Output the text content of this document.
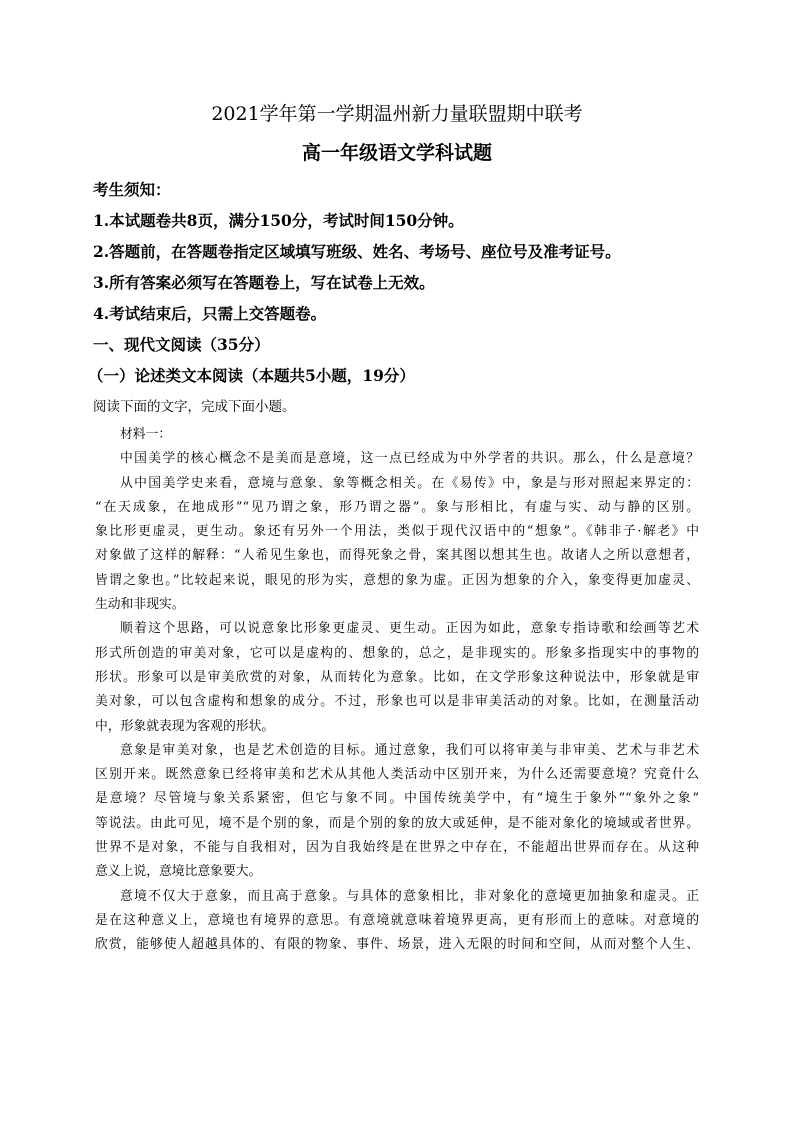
2021学年第一学期温州新力量联盟期中联考
高一年级语文学科试题
考生须知：
1.本试题卷共8页，满分150分，考试时间150分钟。
2.答题前，在答题卷指定区域填写班级、姓名、考场号、座位号及准考证号。
3.所有答案必须写在答题卷上，写在试卷上无效。
4.考试结束后，只需上交答题卷。
一、现代文阅读（35分）
（一）论述类文本阅读（本题共5小题，19分）
阅读下面的文字，完成下面小题。
材料一：
中国美学的核心概念不是美而是意境，这一点已经成为中外学者的共识。那么，什么是意境？
从中国美学史来看，意境与意象、象等概念相关。在《易传》中，象是与形对照起来界定的：
“在天成象，在地成形”“见乃谓之象，形乃谓之器”。象与形相比，有虚与实、动与静的区别。
象比形更虚灵，更生动。象还有另外一个用法，类似于现代汉语中的“想象”。《韩非子·解老》中
对象做了这样的解释：“人希见生象也，而得死象之骨，案其图以想其生也。故诸人之所以意想者，
皆谓之象也。”比较起来说，眼见的形为实，意想的象为虚。正因为想象的介入，象变得更加虚灵、
生动和非现实。
顺着这个思路，可以说意象比形象更虚灵、更生动。正因为如此，意象专指诗歌和绘画等艺术
形式所创造的审美对象，它可以是虚构的、想象的，总之，是非现实的。形象多指现实中的事物的
形状。形象可以是审美欣赏的对象，从而转化为意象。比如，在文学形象这种说法中，形象就是审
美对象，可以包含虚构和想象的成分。不过，形象也可以是非审美活动的对象。比如，在测量活动
中，形象就表现为客观的形状。
意象是审美对象，也是艺术创造的目标。通过意象，我们可以将审美与非审美、艺术与非艺术
区别开来。既然意象已经将审美和艺术从其他人类活动中区别开来，为什么还需要意境？究竟什么
是意境？尽管境与象关系紧密，但它与象不同。中国传统美学中，有“境生于象外”“象外之象”
等说法。由此可见，境不是个别的象，而是个别的象的放大或延伸，是不能对象化的境域或者世界。
世界不是对象，不能与自我相对，因为自我始终是在世界之中存在，不能超出世界而存在。从这种
意义上说，意境比意象要大。
意境不仅大于意象，而且高于意象。与具体的意象相比，非对象化的意境更加抽象和虚灵。正
是在这种意义上，意境也有境界的意思。有意境就意味着境界更高，更有形而上的意味。对意境的
欣赏，能够使人超越具体的、有限的物象、事件、场景，进入无限的时间和空间，从而对整个人生、
